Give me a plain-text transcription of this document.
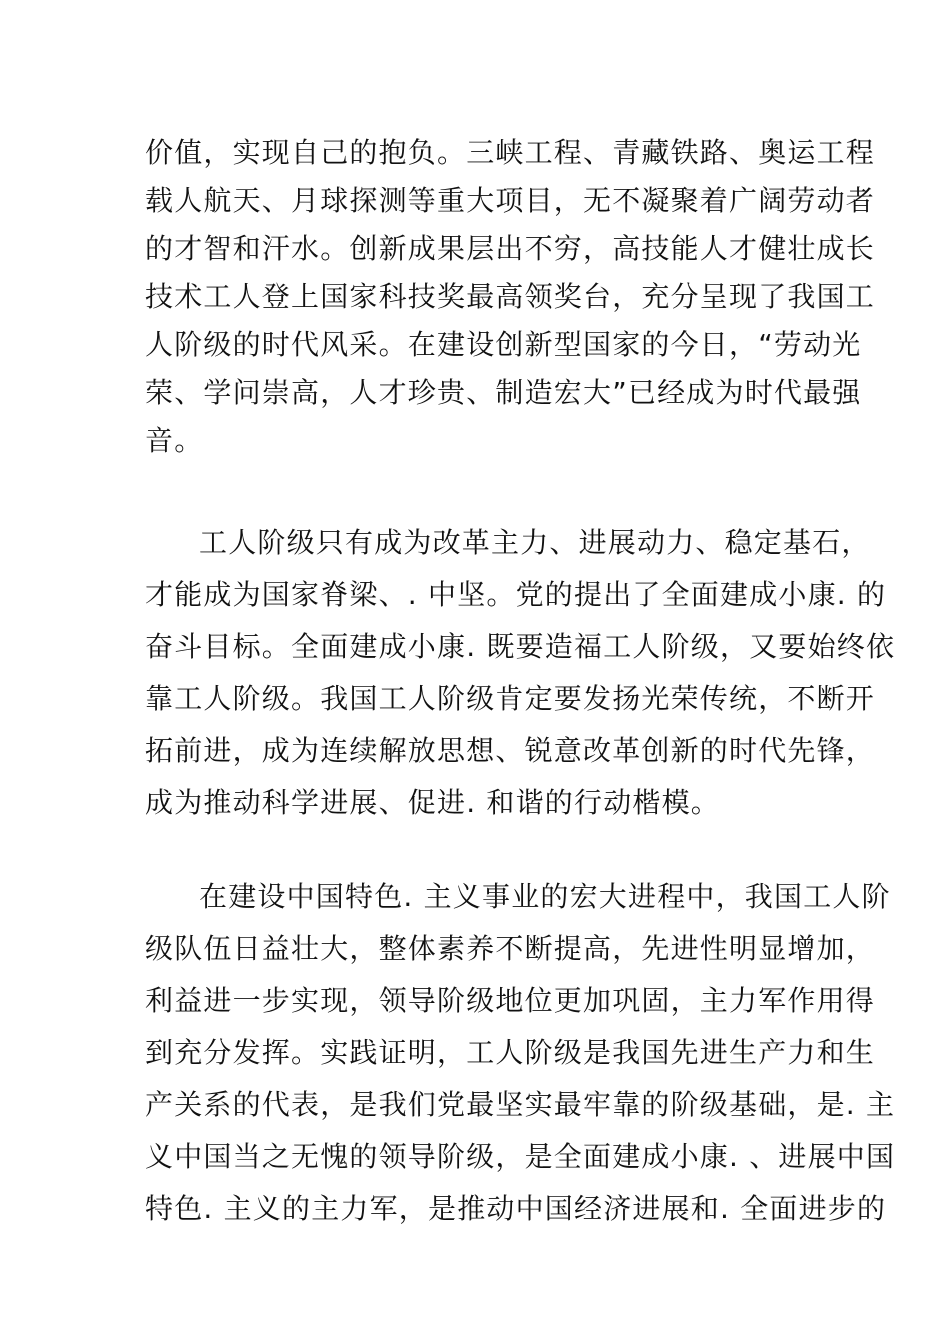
价值，实现自己的抱负。三峡工程、青藏铁路、奥运工程
载人航天、月球探测等重大项目，无不凝聚着广阔劳动者
的才智和汗水。创新成果层出不穷，高技能人才健壮成长
技术工人登上国家科技奖最高领奖台，充分呈现了我国工
人阶级的时代风采。在建设创新型国家的今日，“劳动光
荣、学问崇高，人才珍贵、制造宏大”已经成为时代最强
音。
工人阶级只有成为改革主力、进展动力、稳定基石，
才能成为国家脊梁、. 中坚。党的提出了全面建成小康. 的
奋斗目标。全面建成小康. 既要造福工人阶级，又要始终依
靠工人阶级。我国工人阶级肯定要发扬光荣传统，不断开
拓前进，成为连续解放思想、锐意改革创新的时代先锋，
成为推动科学进展、促进. 和谐的行动楷模。
在建设中国特色. 主义事业的宏大进程中，我国工人阶
级队伍日益壮大，整体素养不断提高，先进性明显增加，
利益进一步实现，领导阶级地位更加巩固，主力军作用得
到充分发挥。实践证明，工人阶级是我国先进生产力和生
产关系的代表，是我们党最坚实最牢靠的阶级基础，是. 主
义中国当之无愧的领导阶级，是全面建成小康. 、进展中国
特色. 主义的主力军，是推动中国经济进展和. 全面进步的
